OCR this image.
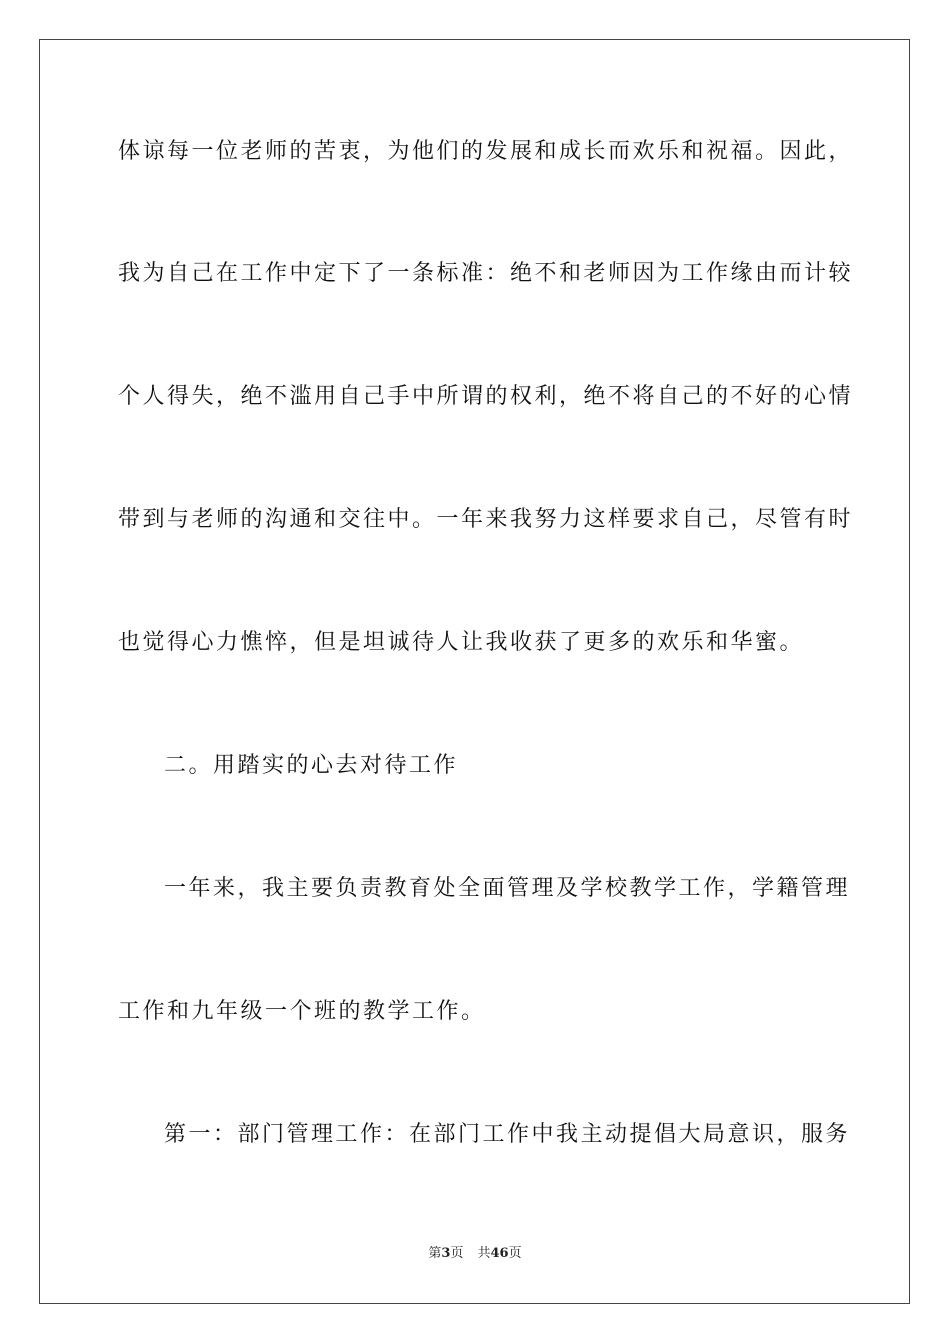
体谅每一位老师的苦衷，为他们的发展和成长而欢乐和祝福。因此，
我为自己在工作中定下了一条标准：绝不和老师因为工作缘由而计较
个人得失，绝不滥用自己手中所谓的权利，绝不将自己的不好的心情
带到与老师的沟通和交往中。一年来我努力这样要求自己，尽管有时
也觉得心力憔悴，但是坦诚待人让我收获了更多的欢乐和华蜜。
二。用踏实的心去对待工作
一年来，我主要负责教育处全面管理及学校教学工作，学籍管理
工作和九年级一个班的教学工作。
第一：部门管理工作：在部门工作中我主动提倡大局意识，服务
第3页 共46页
